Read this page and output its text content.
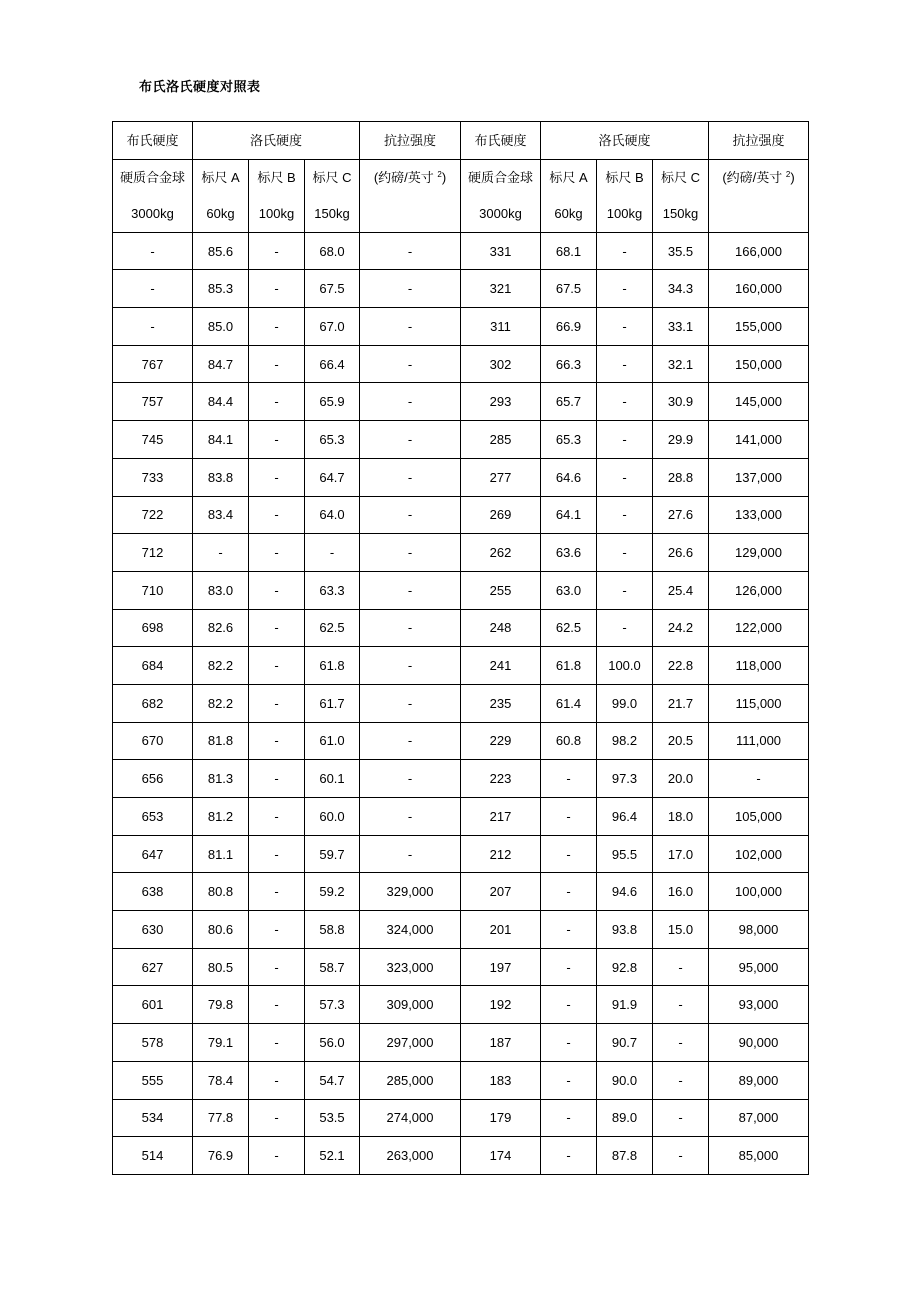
布氏洛氏硬度对照表
布氏硬度	洛氏硬度			抗拉强度	布氏硬度	洛氏硬度			抗拉强度
硬质合金球	标尺 A	标尺 B	标尺 C	(约磅/英寸 $^2$)	硬质合金球	标尺 A	标尺 B	标尺 C	(约磅/英寸 $^2$)
3000kg	60kg	100kg	150kg		3000kg	60kg	100kg	150kg	
-	85.6	-	68.0	-	331	68.1	-	35.5	166,000
-	85.3	-	67.5	-	321	67.5	-	34.3	160,000
-	85.0	-	67.0	-	311	66.9	-	33.1	155,000
767	84.7	-	66.4	-	302	66.3	-	32.1	150,000
757	84.4	-	65.9	-	293	65.7	-	30.9	145,000
745	84.1	-	65.3	-	285	65.3	-	29.9	141,000
733	83.8	-	64.7	-	277	64.6	-	28.8	137,000
722	83.4	-	64.0	-	269	64.1	-	27.6	133,000
712	-	-	-	-	262	63.6	-	26.6	129,000
710	83.0	-	63.3	-	255	63.0	-	25.4	126,000
698	82.6	-	62.5	-	248	62.5	-	24.2	122,000
684	82.2	-	61.8	-	241	61.8	100.0	22.8	118,000
682	82.2	-	61.7	-	235	61.4	99.0	21.7	115,000
670	81.8	-	61.0	-	229	60.8	98.2	20.5	111,000
656	81.3	-	60.1	-	223	-	97.3	20.0	-
653	81.2	-	60.0	-	217	-	96.4	18.0	105,000
647	81.1	-	59.7	-	212	-	95.5	17.0	102,000
638	80.8	-	59.2	329,000	207	-	94.6	16.0	100,000
630	80.6	-	58.8	324,000	201	-	93.8	15.0	98,000
627	80.5	-	58.7	323,000	197	-	92.8	-	95,000
601	79.8	-	57.3	309,000	192	-	91.9	-	93,000
578	79.1	-	56.0	297,000	187	-	90.7	-	90,000
555	78.4	-	54.7	285,000	183	-	90.0	-	89,000
534	77.8	-	53.5	274,000	179	-	89.0	-	87,000
514	76.9	-	52.1	263,000	174	-	87.8	-	85,000
